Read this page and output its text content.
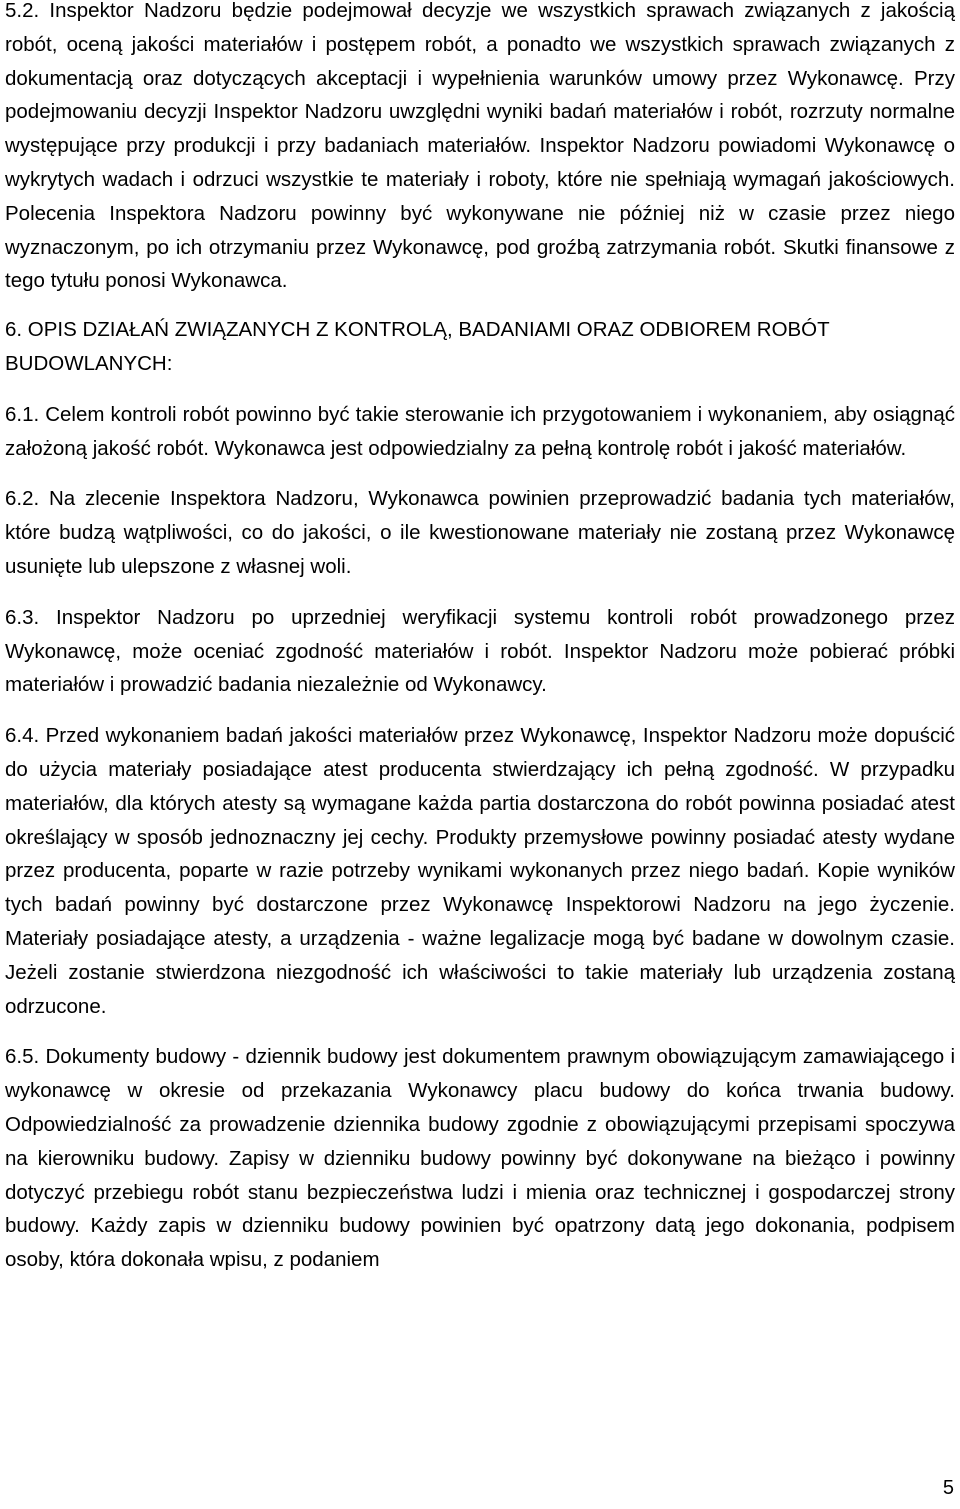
5.2. Inspektor Nadzoru będzie podejmował decyzje we wszystkich sprawach związanych z jakością robót, oceną jakości materiałów i postępem robót, a ponadto we wszystkich sprawach związanych z dokumentacją oraz dotyczących akceptacji i wypełnienia warunków umowy przez Wykonawcę. Przy podejmowaniu decyzji Inspektor Nadzoru uwzględni wyniki badań materiałów i robót, rozrzuty normalne występujące przy produkcji i przy badaniach materiałów. Inspektor Nadzoru powiadomi Wykonawcę o wykrytych wadach i odrzuci wszystkie te materiały i roboty, które nie spełniają wymagań jakościowych. Polecenia Inspektora Nadzoru powinny być wykonywane nie później niż w czasie przez niego wyznaczonym, po ich otrzymaniu przez Wykonawcę, pod groźbą zatrzymania robót. Skutki finansowe z tego tytułu ponosi Wykonawca.

6. OPIS DZIAŁAŃ ZWIĄZANYCH Z KONTROLĄ, BADANIAMI ORAZ ODBIOREM ROBÓT BUDOWLANYCH:

6.1. Celem kontroli robót powinno być takie sterowanie ich przygotowaniem i wykonaniem, aby osiągnąć założoną jakość robót. Wykonawca jest odpowiedzialny za pełną kontrolę robót i jakość materiałów.

6.2. Na zlecenie Inspektora Nadzoru, Wykonawca powinien przeprowadzić badania tych materiałów, które budzą wątpliwości, co do jakości, o ile kwestionowane materiały nie zostaną przez Wykonawcę usunięte lub ulepszone z własnej woli.

6.3. Inspektor Nadzoru po uprzedniej weryfikacji systemu kontroli robót prowadzonego przez Wykonawcę, może oceniać zgodność materiałów i robót. Inspektor Nadzoru może pobierać próbki materiałów i prowadzić badania niezależnie od Wykonawcy.

6.4. Przed wykonaniem badań jakości materiałów przez Wykonawcę, Inspektor Nadzoru może dopuścić do użycia materiały posiadające atest producenta stwierdzający ich pełną zgodność. W przypadku materiałów, dla których atesty są wymagane każda partia dostarczona do robót powinna posiadać atest określający w sposób jednoznaczny jej cechy. Produkty przemysłowe powinny posiadać atesty wydane przez producenta, poparte w razie potrzeby wynikami wykonanych przez niego badań. Kopie wyników tych badań powinny być dostarczone przez Wykonawcę Inspektorowi Nadzoru na jego życzenie. Materiały posiadające atesty, a urządzenia - ważne legalizacje mogą być badane w dowolnym czasie. Jeżeli zostanie stwierdzona niezgodność ich właściwości to takie materiały lub urządzenia zostaną odrzucone.

6.5. Dokumenty budowy - dziennik budowy jest dokumentem prawnym obowiązującym zamawiającego i wykonawcę w okresie od przekazania Wykonawcy placu budowy do końca trwania budowy. Odpowiedzialność za prowadzenie dziennika budowy zgodnie z obowiązującymi przepisami spoczywa na kierowniku budowy. Zapisy w dzienniku budowy powinny być dokonywane na bieżąco i powinny dotyczyć przebiegu robót stanu bezpieczeństwa ludzi i mienia oraz technicznej i gospodarczej strony budowy. Każdy zapis w dzienniku budowy powinien być opatrzony datą jego dokonania, podpisem osoby, która dokonała wpisu, z podaniem

5
